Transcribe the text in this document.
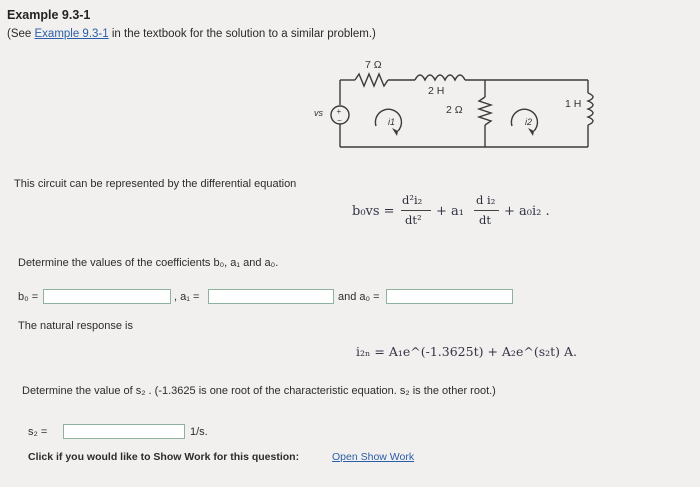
Example 9.3-1
(See Example 9.3-1 in the textbook for the solution to a similar problem.)
+
−
7 Ω
2 H
2 Ω	1 H
vs
i1	i2
This circuit can be represented by the differential equation
b₀vs =
d²i₂
dt²
+ a₁
d i₂
dt
+ a₀i₂ .
Determine the values of the coefficients b₀, a₁ and a₀.
b₀ =	, a₁ =	and a₀ =
The natural response is
i₂ₙ = A₁e^(-1.3625t) + A₂e^(s₂t) A.
Determine the value of s₂ . (-1.3625 is one root of the characteristic equation. s₂ is the other root.)
s₂ =	1/s.
Click if you would like to Show Work for this question:	Open Show Work
